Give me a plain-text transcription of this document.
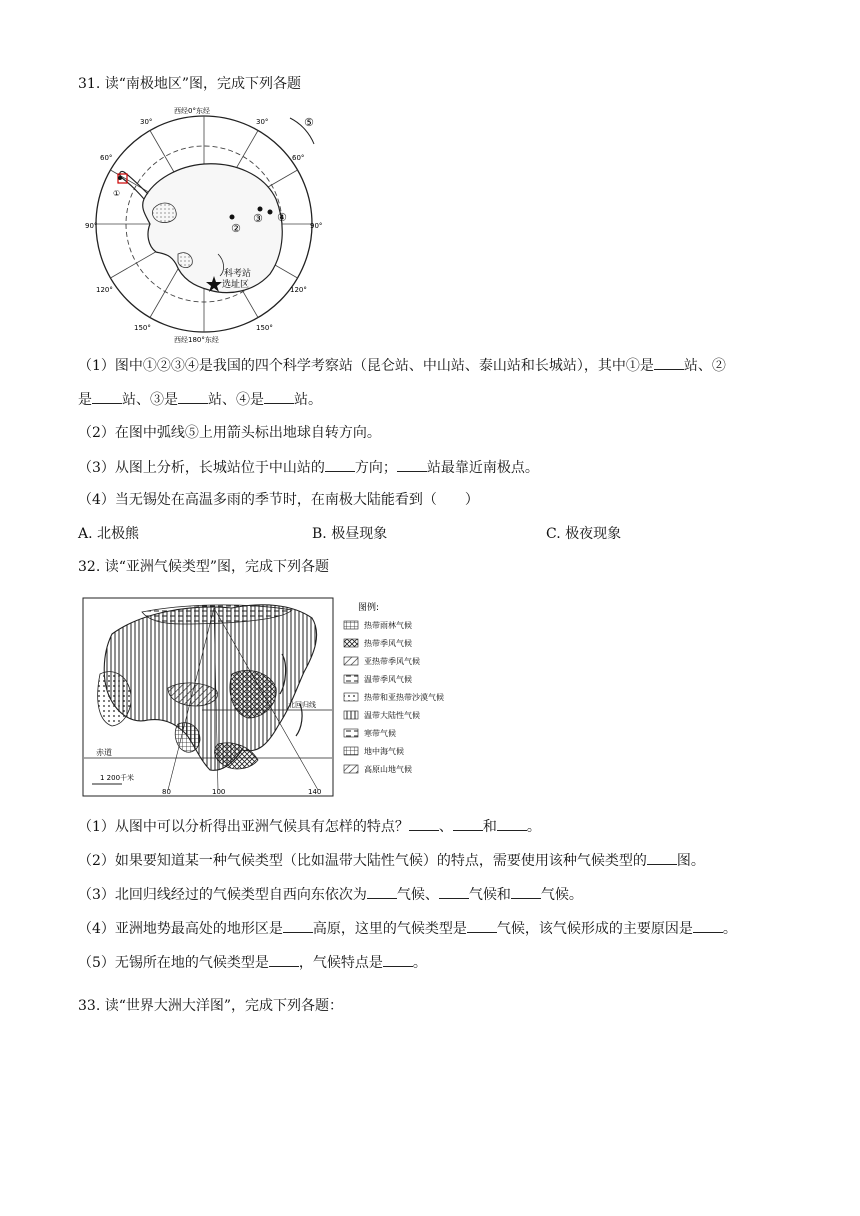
31. 读“南极地区”图，完成下列各题
①
②
③ ④
⑤
科考站
选址区
西经0°东经
西经180°东经
30°	30°
60°	60°
90°	90°
120°	120°
150°	150°
（1）图中①②③④是我国的四个科学考察站（昆仑站、中山站、泰山站和长城站），其中①是 站、②
是 站、③是 站、④是 站。
（2）在图中弧线⑤上用箭头标出地球自转方向。
（3）从图上分析，长城站位于中山站的 方向； 站最靠近南极点。
（4）当无锡处在高温多雨的季节时，在南极大陆能看到（　　）
A. 北极熊	B. 极昼现象	C. 极夜现象
32. 读“亚洲气候类型”图，完成下列各题
赤道
北回归线
1 200千米
80	100	140
图例:
热带雨林气候
热带季风气候
亚热带季风气候
温带季风气候
热带和亚热带沙漠气候
温带大陆性气候
寒带气候
地中海气候
高原山地气候
（1）从图中可以分析得出亚洲气候具有怎样的特点？ 、 和 。
（2）如果要知道某一种气候类型（比如温带大陆性气候）的特点，需要使用该种气候类型的 图。
（3）北回归线经过的气候类型自西向东依次为 气候、 气候和 气候。
（4）亚洲地势最高处的地形区是 高原，这里的气候类型是 气候，该气候形成的主要原因是 。
（5）无锡所在地的气候类型是 ，气候特点是 。
33. 读“世界大洲大洋图”，完成下列各题：
